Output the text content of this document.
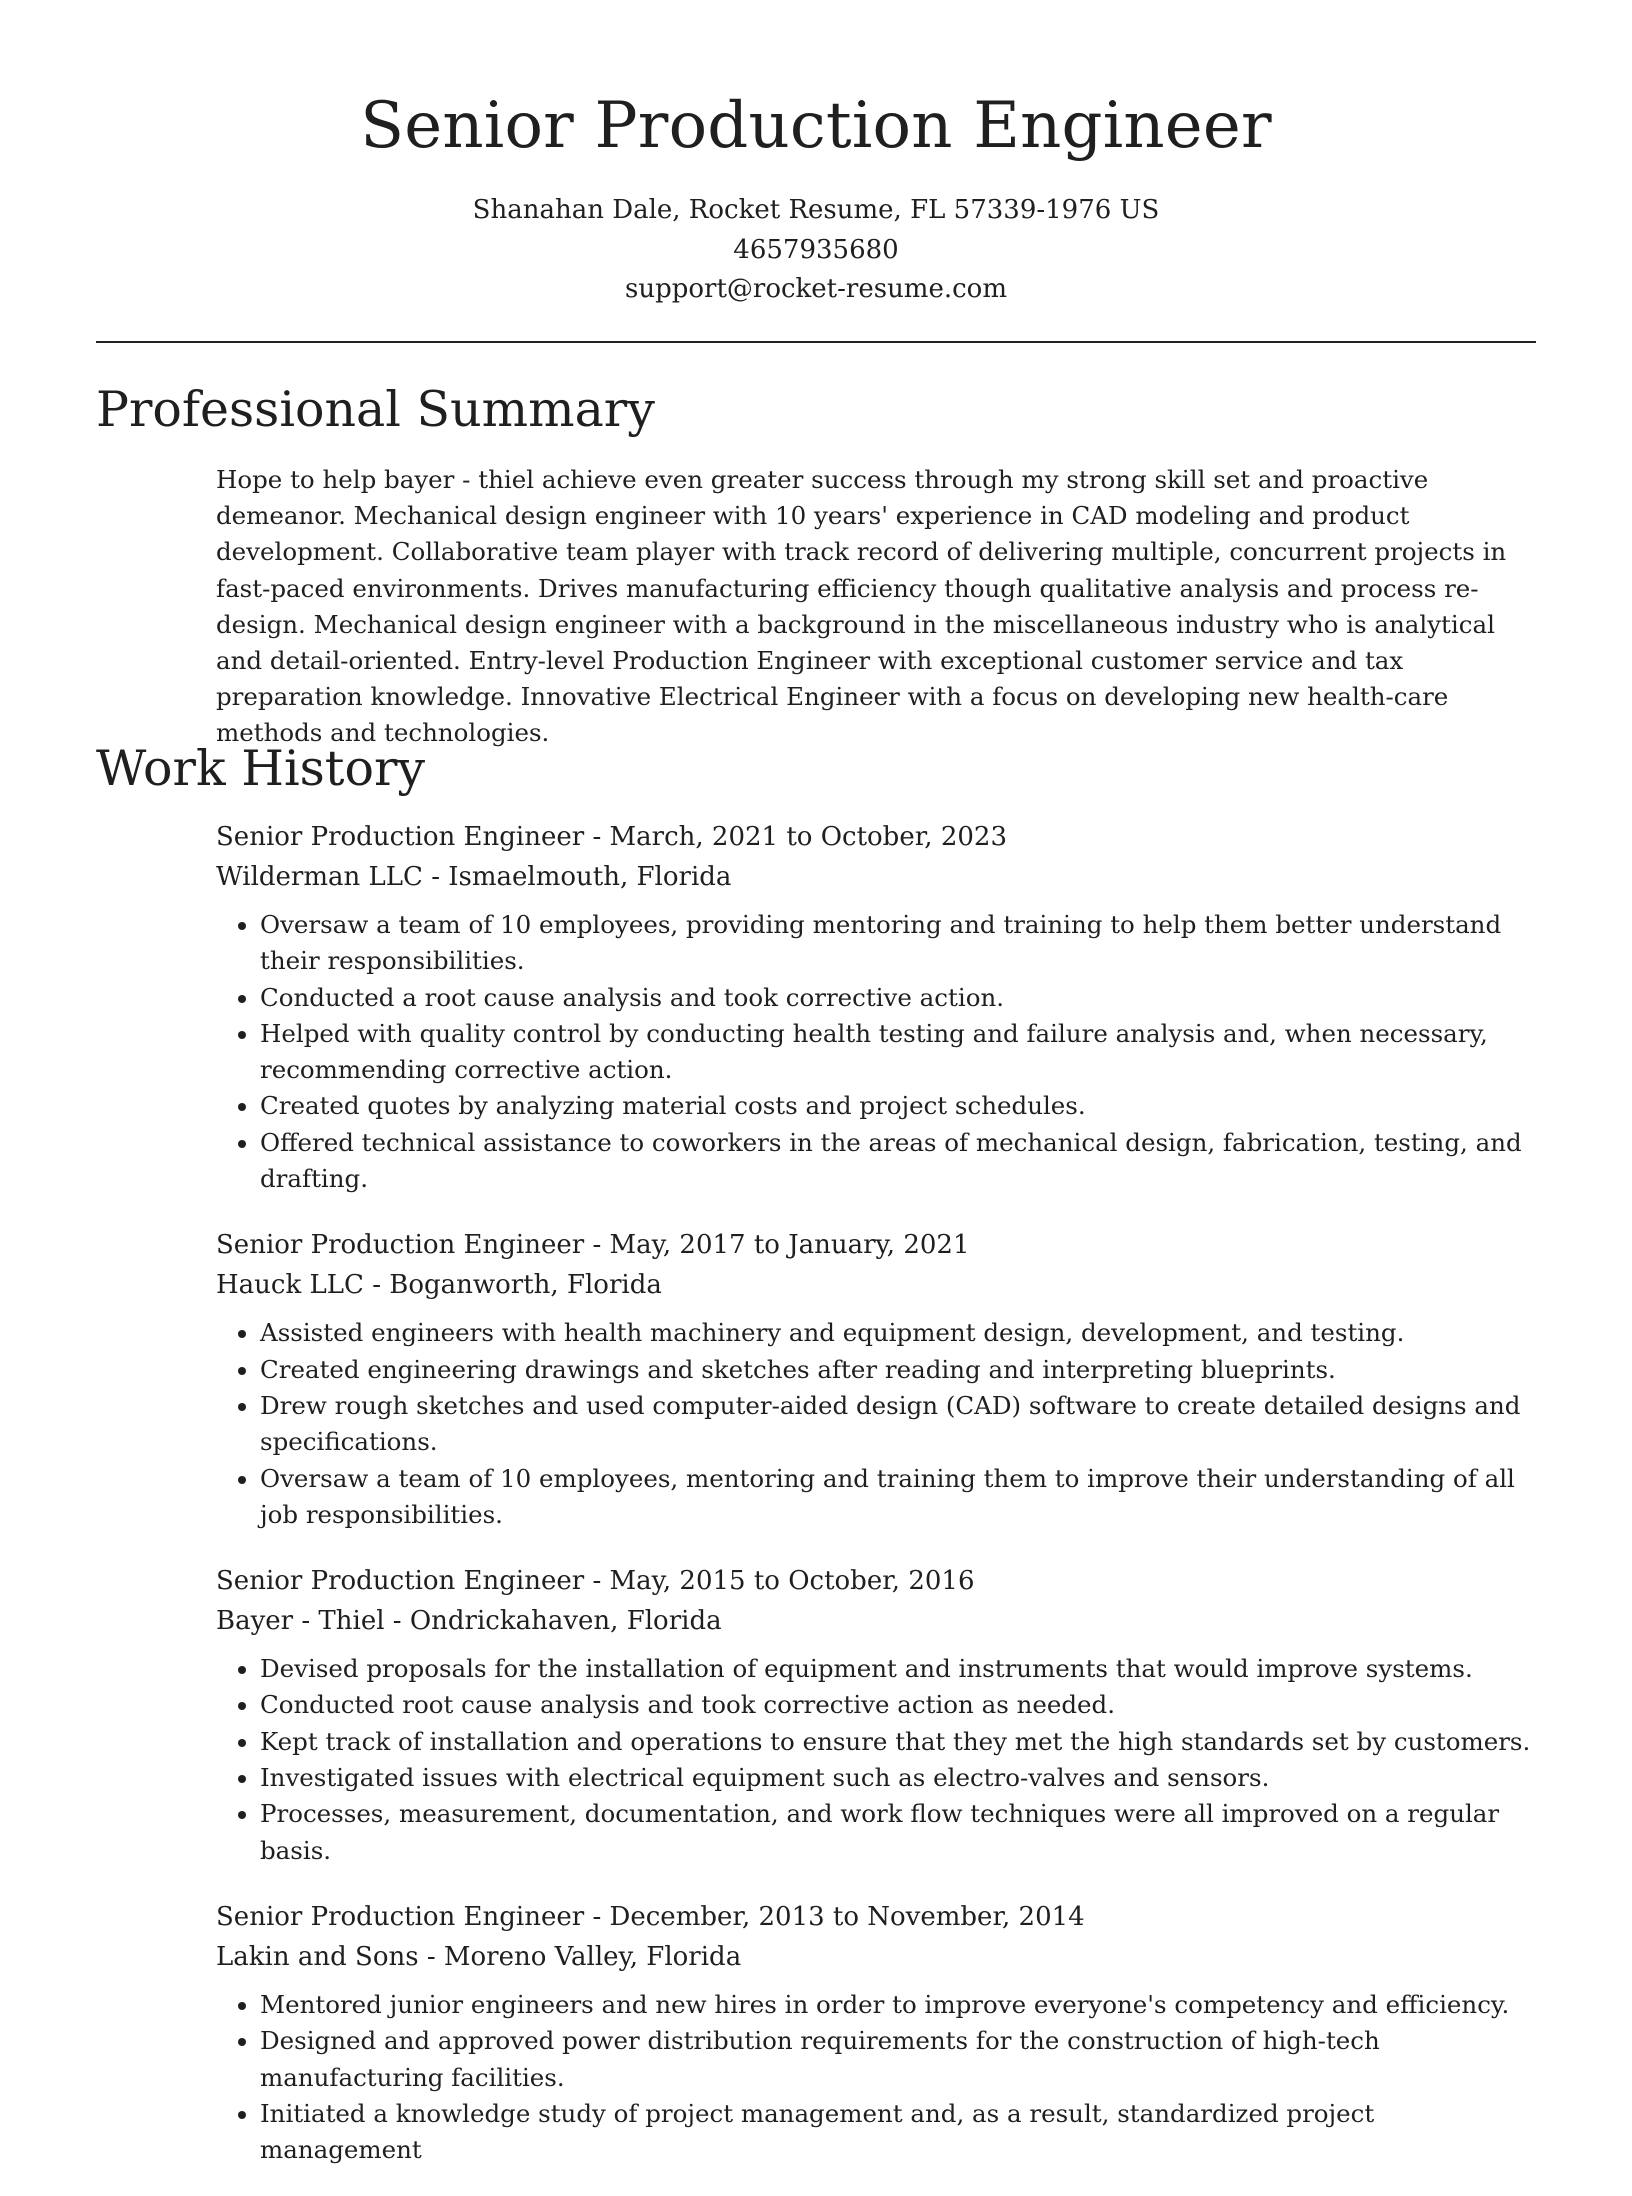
Senior Production Engineer
Shanahan Dale, Rocket Resume, FL 57339-1976 US
4657935680
support@rocket-resume.com
Professional Summary

Hope to help bayer - thiel achieve even greater success through my strong skill set and proactive demeanor. Mechanical design engineer with 10 years' experience in CAD modeling and product development. Collaborative team player with track record of delivering multiple, concurrent projects in fast-paced environments. Drives manufacturing efficiency though qualitative analysis and process re-design. Mechanical design engineer with a background in the miscellaneous industry who is analytical and detail-oriented. Entry-level Production Engineer with exceptional customer service and tax preparation knowledge. Innovative Electrical Engineer with a focus on developing new health-care methods and technologies.

Work History
Senior Production Engineer - March, 2021 to October, 2023
Wilderman LLC - Ismaelmouth, Florida
• Oversaw a team of 10 employees, providing mentoring and training to help them better understand their responsibilities.
• Conducted a root cause analysis and took corrective action.
• Helped with quality control by conducting health testing and failure analysis and, when necessary, recommending corrective action.
• Created quotes by analyzing material costs and project schedules.
• Offered technical assistance to coworkers in the areas of mechanical design, fabrication, testing, and drafting.
Senior Production Engineer - May, 2017 to January, 2021
Hauck LLC - Boganworth, Florida
• Assisted engineers with health machinery and equipment design, development, and testing.
• Created engineering drawings and sketches after reading and interpreting blueprints.
• Drew rough sketches and used computer-aided design (CAD) software to create detailed designs and specifications.
• Oversaw a team of 10 employees, mentoring and training them to improve their understanding of all job responsibilities.
Senior Production Engineer - May, 2015 to October, 2016
Bayer - Thiel - Ondrickahaven, Florida
• Devised proposals for the installation of equipment and instruments that would improve systems.
• Conducted root cause analysis and took corrective action as needed.
• Kept track of installation and operations to ensure that they met the high standards set by customers.
• Investigated issues with electrical equipment such as electro-valves and sensors.
• Processes, measurement, documentation, and work flow techniques were all improved on a regular basis.
Senior Production Engineer - December, 2013 to November, 2014
Lakin and Sons - Moreno Valley, Florida
• Mentored junior engineers and new hires in order to improve everyone's competency and efficiency.
• Designed and approved power distribution requirements for the construction of high-tech manufacturing facilities.
• Initiated a knowledge study of project management and, as a result, standardized project management
